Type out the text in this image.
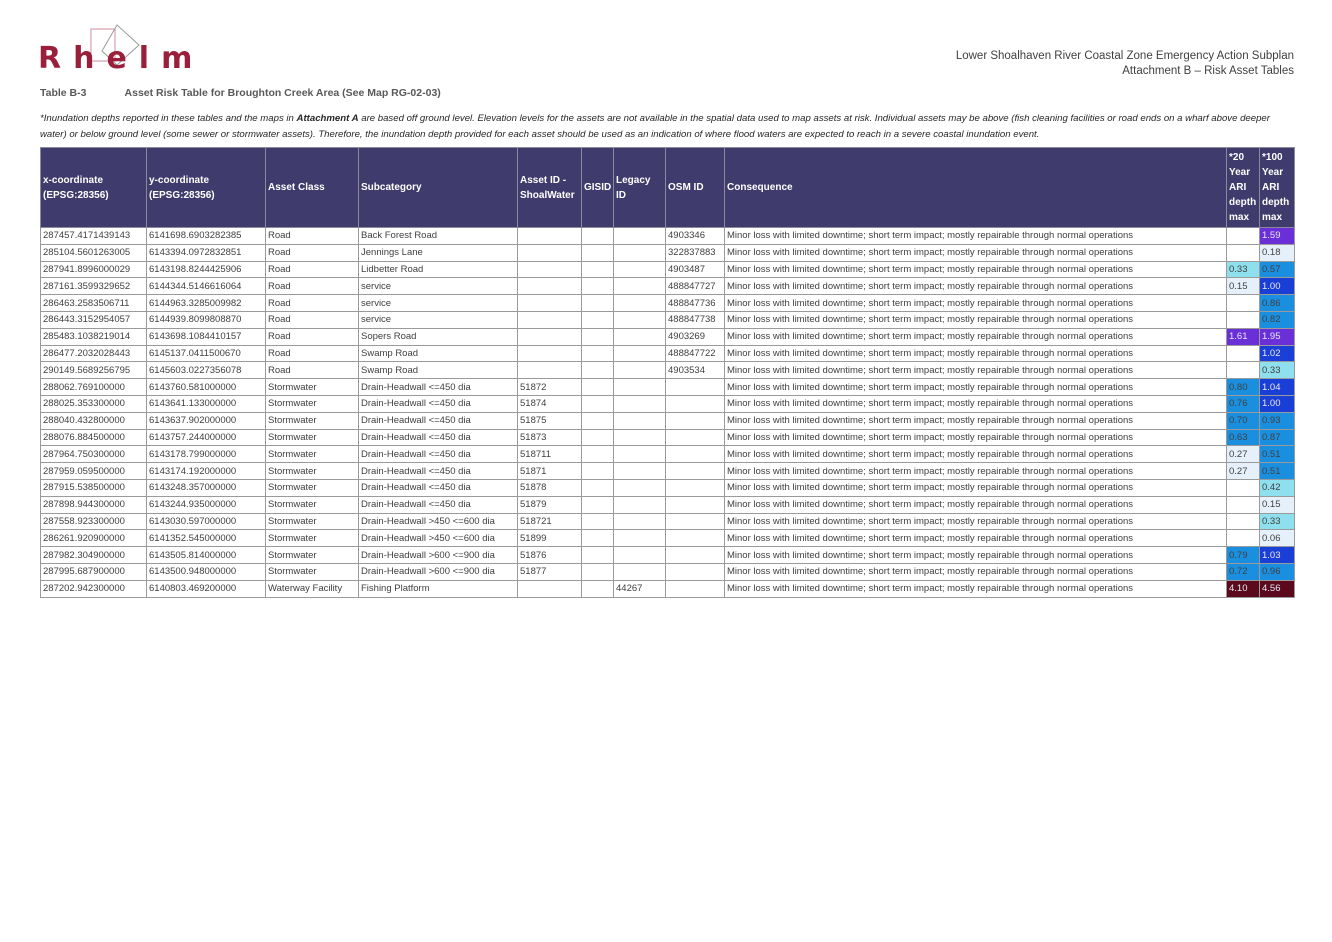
Rhelm	Lower Shoalhaven River Coastal Zone Emergency Action Subplan
Attachment B – Risk Asset Tables
Table B-3	Asset Risk Table for Broughton Creek Area (See Map RG-02-03)
*Inundation depths reported in these tables and the maps in Attachment A are based off ground level. Elevation levels for the assets are not available in the spatial data used to map assets at risk. Individual assets may be above (fish cleaning facilities or road ends on a wharf above deeper water) or below ground level (some sewer or stormwater assets). Therefore, the inundation depth provided for each asset should be used as an indication of where flood waters are expected to reach in a severe coastal inundation event.
x-coordinate (EPSG:28356)	y-coordinate (EPSG:28356)	Asset Class	Subcategory	Asset ID - ShoalWater	GISID	Legacy ID	OSM ID	Consequence	*20 Year ARI depth max	*100 Year ARI depth max
287457.4171439143	6141698.6903282385	Road	Back Forest Road				4903346	Minor loss with limited downtime; short term impact; mostly repairable through normal operations		1.59
285104.5601263005	6143394.0972832851	Road	Jennings Lane				322837883	Minor loss with limited downtime; short term impact; mostly repairable through normal operations		0.18
287941.8996000029	6143198.8244425906	Road	Lidbetter Road				4903487	Minor loss with limited downtime; short term impact; mostly repairable through normal operations	0.33	0.57
287161.3599329652	6144344.5146616064	Road	service				488847727	Minor loss with limited downtime; short term impact; mostly repairable through normal operations	0.15	1.00
286463.2583506711	6144963.3285009982	Road	service				488847736	Minor loss with limited downtime; short term impact; mostly repairable through normal operations		0.86
286443.3152954057	6144939.8099808870	Road	service				488847738	Minor loss with limited downtime; short term impact; mostly repairable through normal operations		0.82
285483.1038219014	6143698.1084410157	Road	Sopers Road				4903269	Minor loss with limited downtime; short term impact; mostly repairable through normal operations	1.61	1.95
286477.2032028443	6145137.0411500670	Road	Swamp Road				488847722	Minor loss with limited downtime; short term impact; mostly repairable through normal operations		1.02
290149.5689256795	6145603.0227356078	Road	Swamp Road				4903534	Minor loss with limited downtime; short term impact; mostly repairable through normal operations		0.33
288062.769100000	6143760.581000000	Stormwater	Drain-Headwall <=450 dia	51872				Minor loss with limited downtime; short term impact; mostly repairable through normal operations	0.80	1.04
288025.353300000	6143641.133000000	Stormwater	Drain-Headwall <=450 dia	51874				Minor loss with limited downtime; short term impact; mostly repairable through normal operations	0.76	1.00
288040.432800000	6143637.902000000	Stormwater	Drain-Headwall <=450 dia	51875				Minor loss with limited downtime; short term impact; mostly repairable through normal operations	0.70	0.93
288076.884500000	6143757.244000000	Stormwater	Drain-Headwall <=450 dia	51873				Minor loss with limited downtime; short term impact; mostly repairable through normal operations	0.63	0.87
287964.750300000	6143178.799000000	Stormwater	Drain-Headwall <=450 dia	518711				Minor loss with limited downtime; short term impact; mostly repairable through normal operations	0.27	0.51
287959.059500000	6143174.192000000	Stormwater	Drain-Headwall <=450 dia	51871				Minor loss with limited downtime; short term impact; mostly repairable through normal operations	0.27	0.51
287915.538500000	6143248.357000000	Stormwater	Drain-Headwall <=450 dia	51878				Minor loss with limited downtime; short term impact; mostly repairable through normal operations		0.42
287898.944300000	6143244.935000000	Stormwater	Drain-Headwall <=450 dia	51879				Minor loss with limited downtime; short term impact; mostly repairable through normal operations		0.15
287558.923300000	6143030.597000000	Stormwater	Drain-Headwall >450 <=600 dia	518721				Minor loss with limited downtime; short term impact; mostly repairable through normal operations		0.33
286261.920900000	6141352.545000000	Stormwater	Drain-Headwall >450 <=600 dia	51899				Minor loss with limited downtime; short term impact; mostly repairable through normal operations		0.06
287982.304900000	6143505.814000000	Stormwater	Drain-Headwall >600 <=900 dia	51876				Minor loss with limited downtime; short term impact; mostly repairable through normal operations	0.79	1.03
287995.687900000	6143500.948000000	Stormwater	Drain-Headwall >600 <=900 dia	51877				Minor loss with limited downtime; short term impact; mostly repairable through normal operations	0.72	0.96
287202.942300000	6140803.469200000	Waterway Facility	Fishing Platform			44267		Minor loss with limited downtime; short term impact; mostly repairable through normal operations	4.10	4.56
